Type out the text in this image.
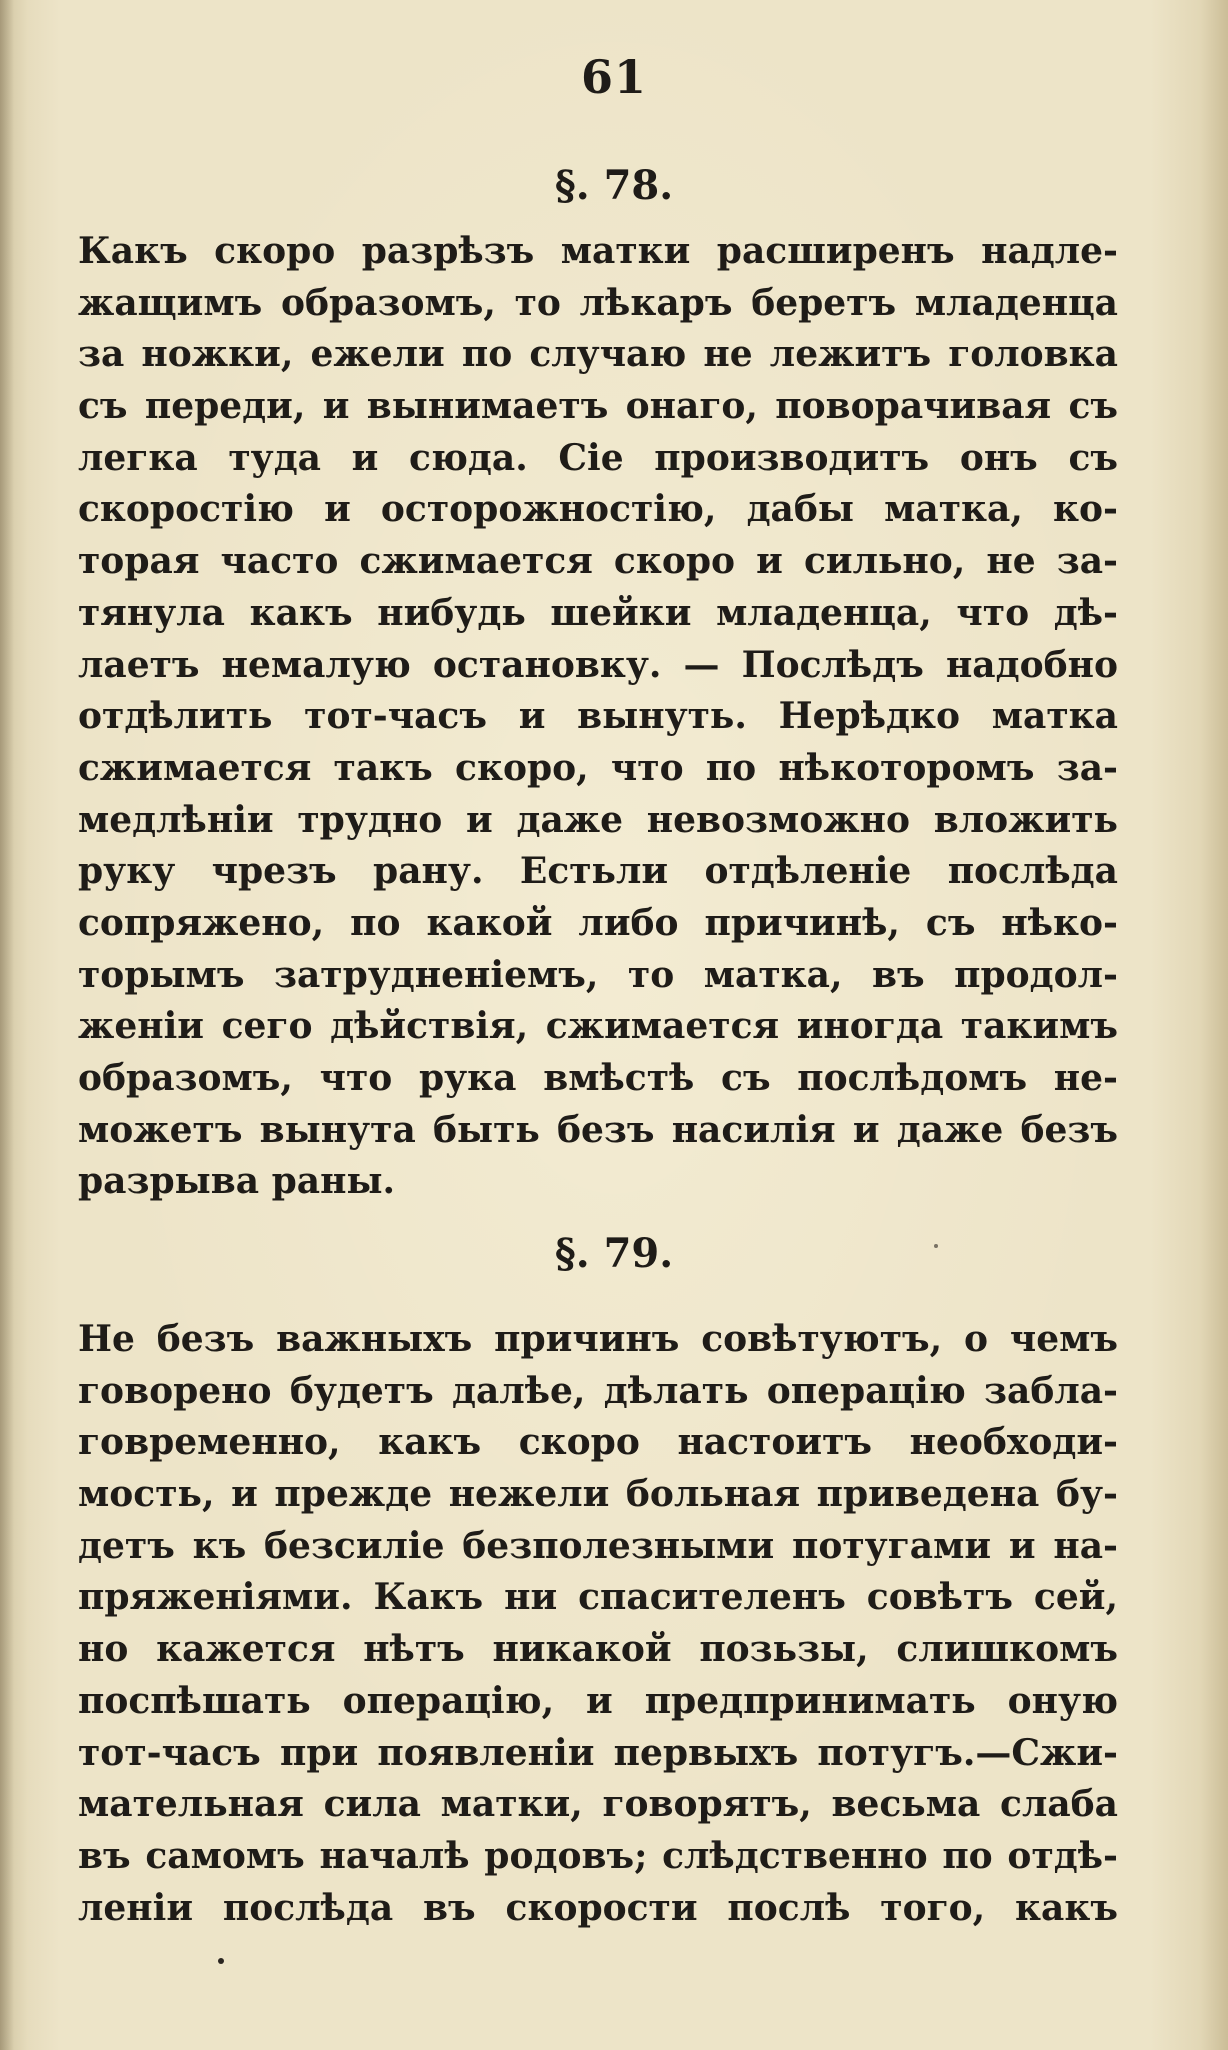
61
§. 78.
Какъ скоро разрѣзъ матки расширенъ надле-
жащимъ образомъ, то лѣкаръ беретъ младенца
за ножки, ежели по случаю не лежитъ головка
съ переди, и вынимаетъ онаго, поворачивая съ
легка туда и сюда. Сіе производитъ онъ съ
скоростію и осторожностію, дабы матка, ко-
торая часто сжимается скоро и сильно, не за-
тянула какъ нибудь шейки младенца, что дѣ-
лаетъ немалую остановку. — Послѣдъ надобно
отдѣлить тот-часъ и вынуть. Нерѣдко матка
сжимается такъ скоро, что по нѣкоторомъ за-
медлѣніи трудно и даже невозможно вложить
руку чрезъ рану. Естьли отдѣленіе послѣда
сопряжено, по какой либо причинѣ, съ нѣко-
торымъ затрудненіемъ, то матка, въ продол-
женіи сего дѣйствія, сжимается иногда такимъ
образомъ, что рука вмѣстѣ съ послѣдомъ не-
можетъ вынута быть безъ насилія и даже безъ
разрыва раны.
§. 79.
Не безъ важныхъ причинъ совѣтуютъ, о чемъ
говорено будетъ далѣе, дѣлать операцію забла-
говременно, какъ скоро настоитъ необходи-
мость, и прежде нежели больная приведена бу-
детъ къ безсиліе безполезными потугами и на-
пряженіями. Какъ ни спасителенъ совѣтъ сей,
но кажется нѣтъ никакой позьзы, слишкомъ
поспѣшать операцію, и предпринимать оную
тот-часъ при появленіи первыхъ потугъ.—Сжи-
мательная сила матки, говорятъ, весьма слаба
въ самомъ началѣ родовъ; слѣдственно по отдѣ-
леніи послѣда въ скорости послѣ того, какъ
